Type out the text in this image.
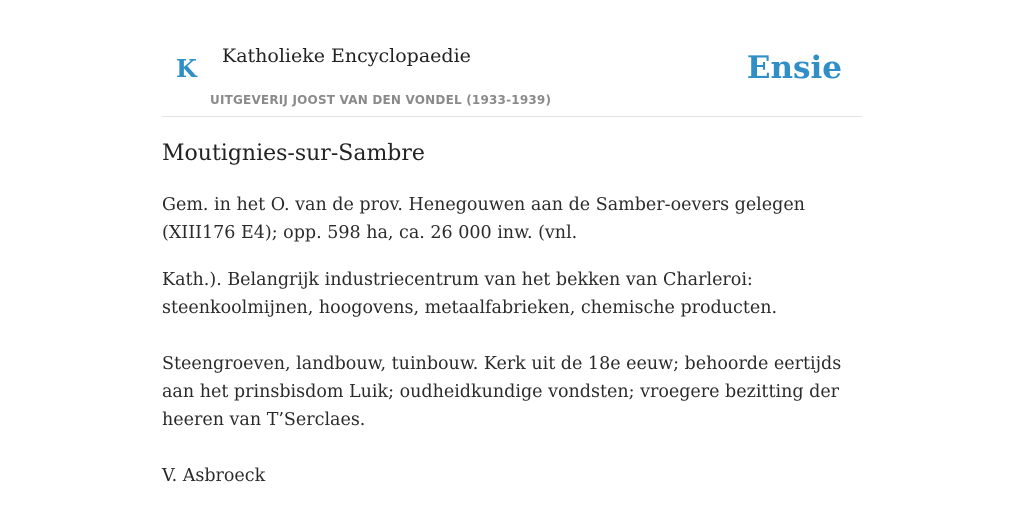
K Katholieke Encyclopaedie
UITGEVERIJ JOOST VAN DEN VONDEL (1933-1939)
Ensie
Moutignies-sur-Sambre

Gem. in het O. van de prov. Henegouwen aan de Samber-oevers gelegen (XIII176 E4); opp. 598 ha, ca. 26 000 inw. (vnl.

Kath.). Belangrijk industriecentrum van het bekken van Charleroi: steenkoolmijnen, hoogovens, metaalfabrieken, chemische producten.

Steengroeven, landbouw, tuinbouw. Kerk uit de 18e eeuw; behoorde eertijds aan het prinsbisdom Luik; oudheidkundige vondsten; vroegere bezitting der heeren van T’Serclaes.

V. Asbroeck
